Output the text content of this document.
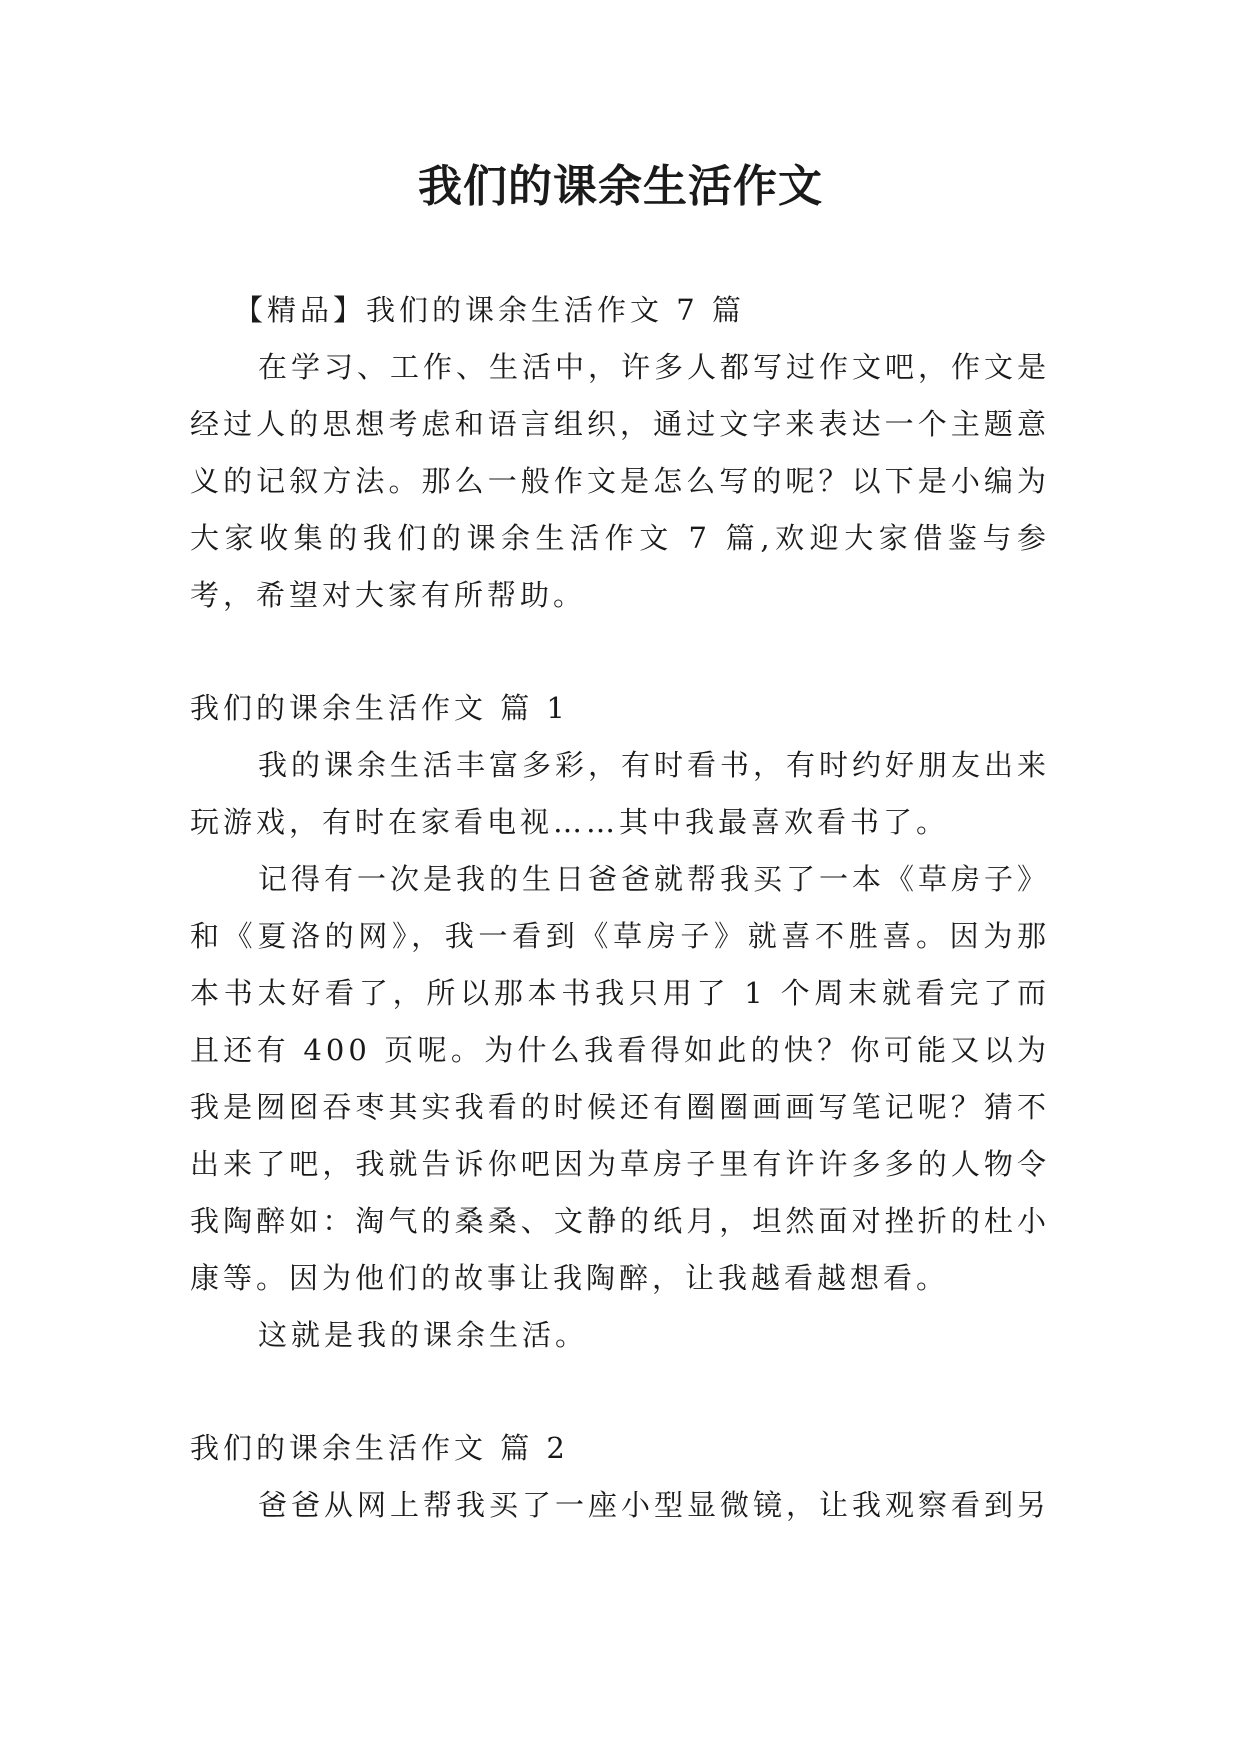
我们的课余生活作文

【精品】我们的课余生活作文 7 篇

在学习、工作、生活中，许多人都写过作文吧，作文是经过人的思想考虑和语言组织，通过文字来表达一个主题意义的记叙方法。那么一般作文是怎么写的呢？以下是小编为大家收集的我们的课余生活作文 7 篇,欢迎大家借鉴与参考，希望对大家有所帮助。

我们的课余生活作文 篇 1

我的课余生活丰富多彩，有时看书，有时约好朋友出来玩游戏，有时在家看电视……其中我最喜欢看书了。

记得有一次是我的生日爸爸就帮我买了一本《草房子》和《夏洛的网》，我一看到《草房子》就喜不胜喜。因为那本书太好看了，所以那本书我只用了 1 个周末就看完了而且还有 400 页呢。为什么我看得如此的快？你可能又以为我是囫囵吞枣其实我看的时候还有圈圈画画写笔记呢？猜不出来了吧，我就告诉你吧因为草房子里有许许多多的人物令我陶醉如：淘气的桑桑、文静的纸月，坦然面对挫折的杜小康等。因为他们的故事让我陶醉，让我越看越想看。

这就是我的课余生活。

我们的课余生活作文 篇 2

爸爸从网上帮我买了一座小型显微镜，让我观察看到另
